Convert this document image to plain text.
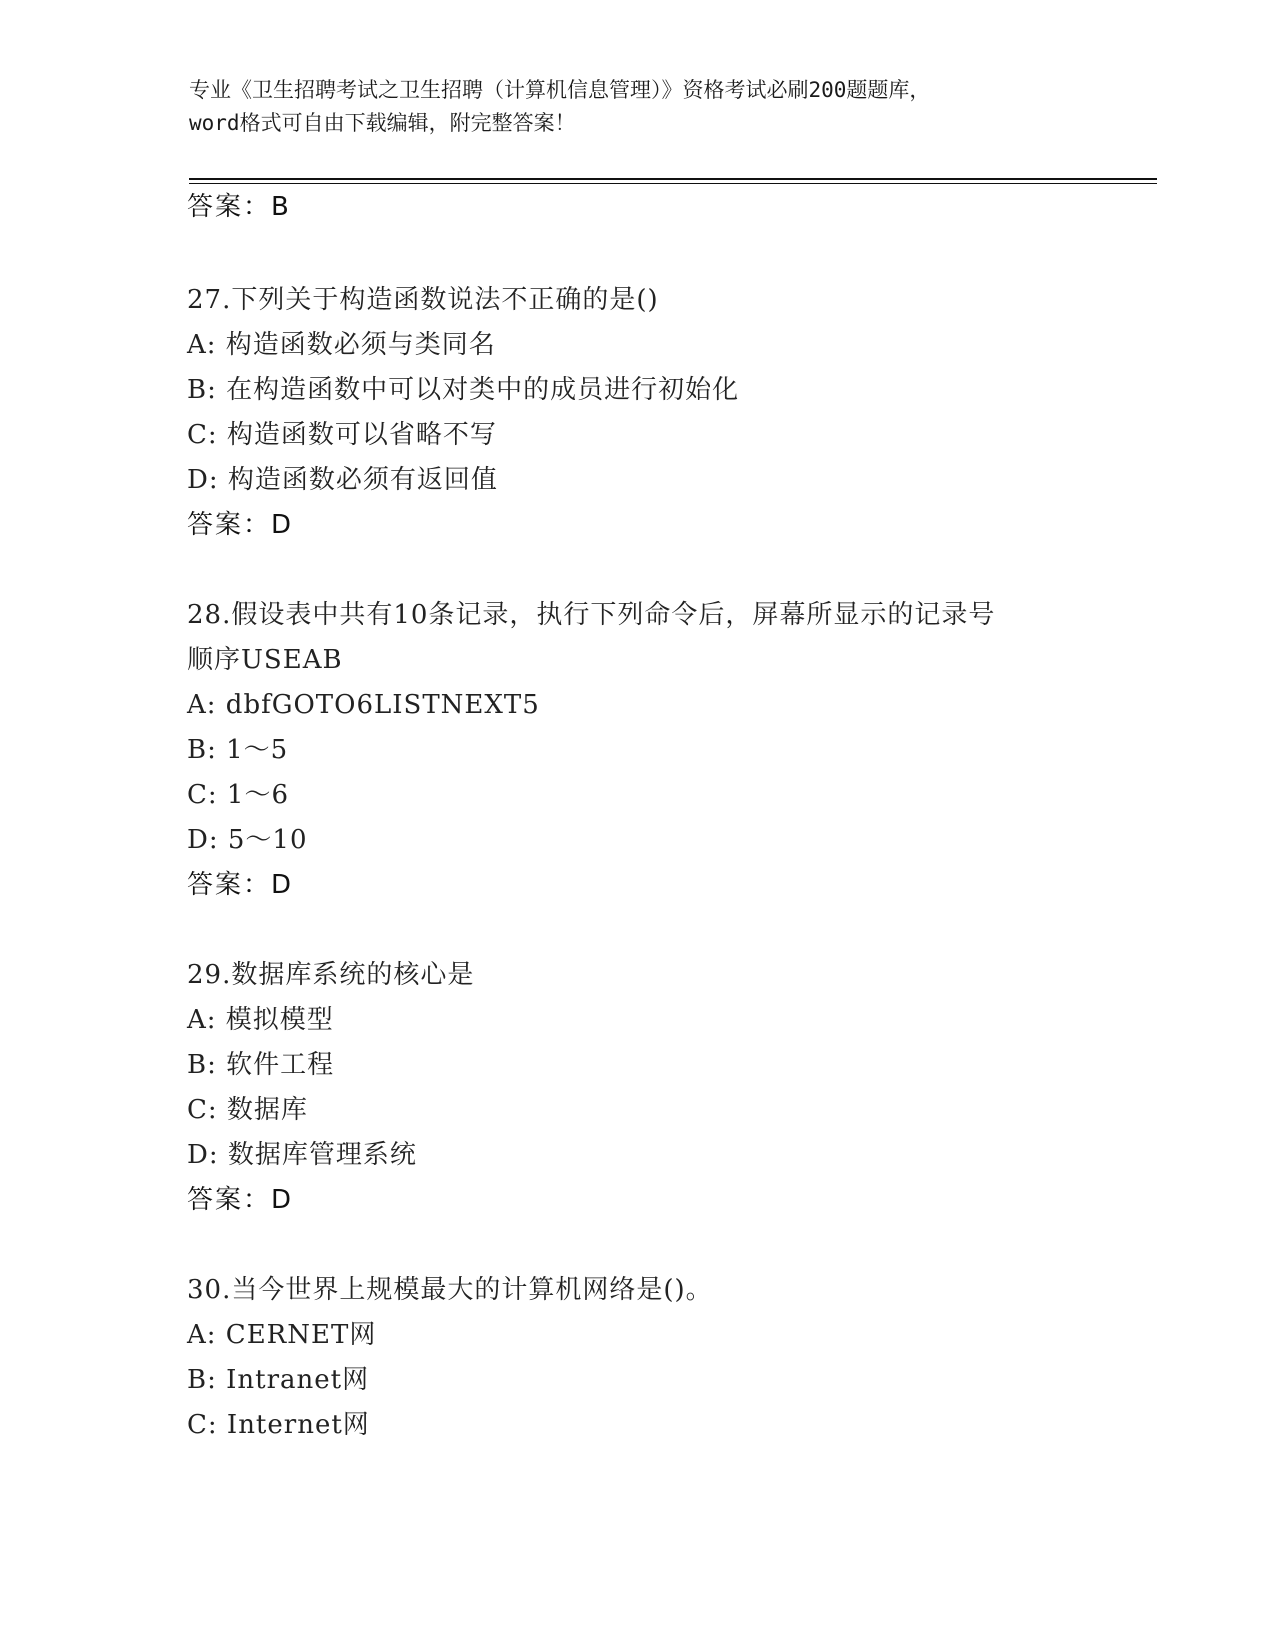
专业《卫生招聘考试之卫生招聘（计算机信息管理）》资格考试必刷200题题库，
word格式可自由下载编辑，附完整答案！
答案：B
27.下列关于构造函数说法不正确的是()
A: 构造函数必须与类同名
B: 在构造函数中可以对类中的成员进行初始化
C: 构造函数可以省略不写
D: 构造函数必须有返回值
答案：D
28.假设表中共有10条记录，执行下列命令后，屏幕所显示的记录号
顺序USEAB
A: dbfGOTO6LISTNEXT5
B: 1～5
C: 1～6
D: 5～10
答案：D
29.数据库系统的核心是
A: 模拟模型
B: 软件工程
C: 数据库
D: 数据库管理系统
答案：D
30.当今世界上规模最大的计算机网络是()。
A: CERNET网
B: Intranet网
C: Internet网
